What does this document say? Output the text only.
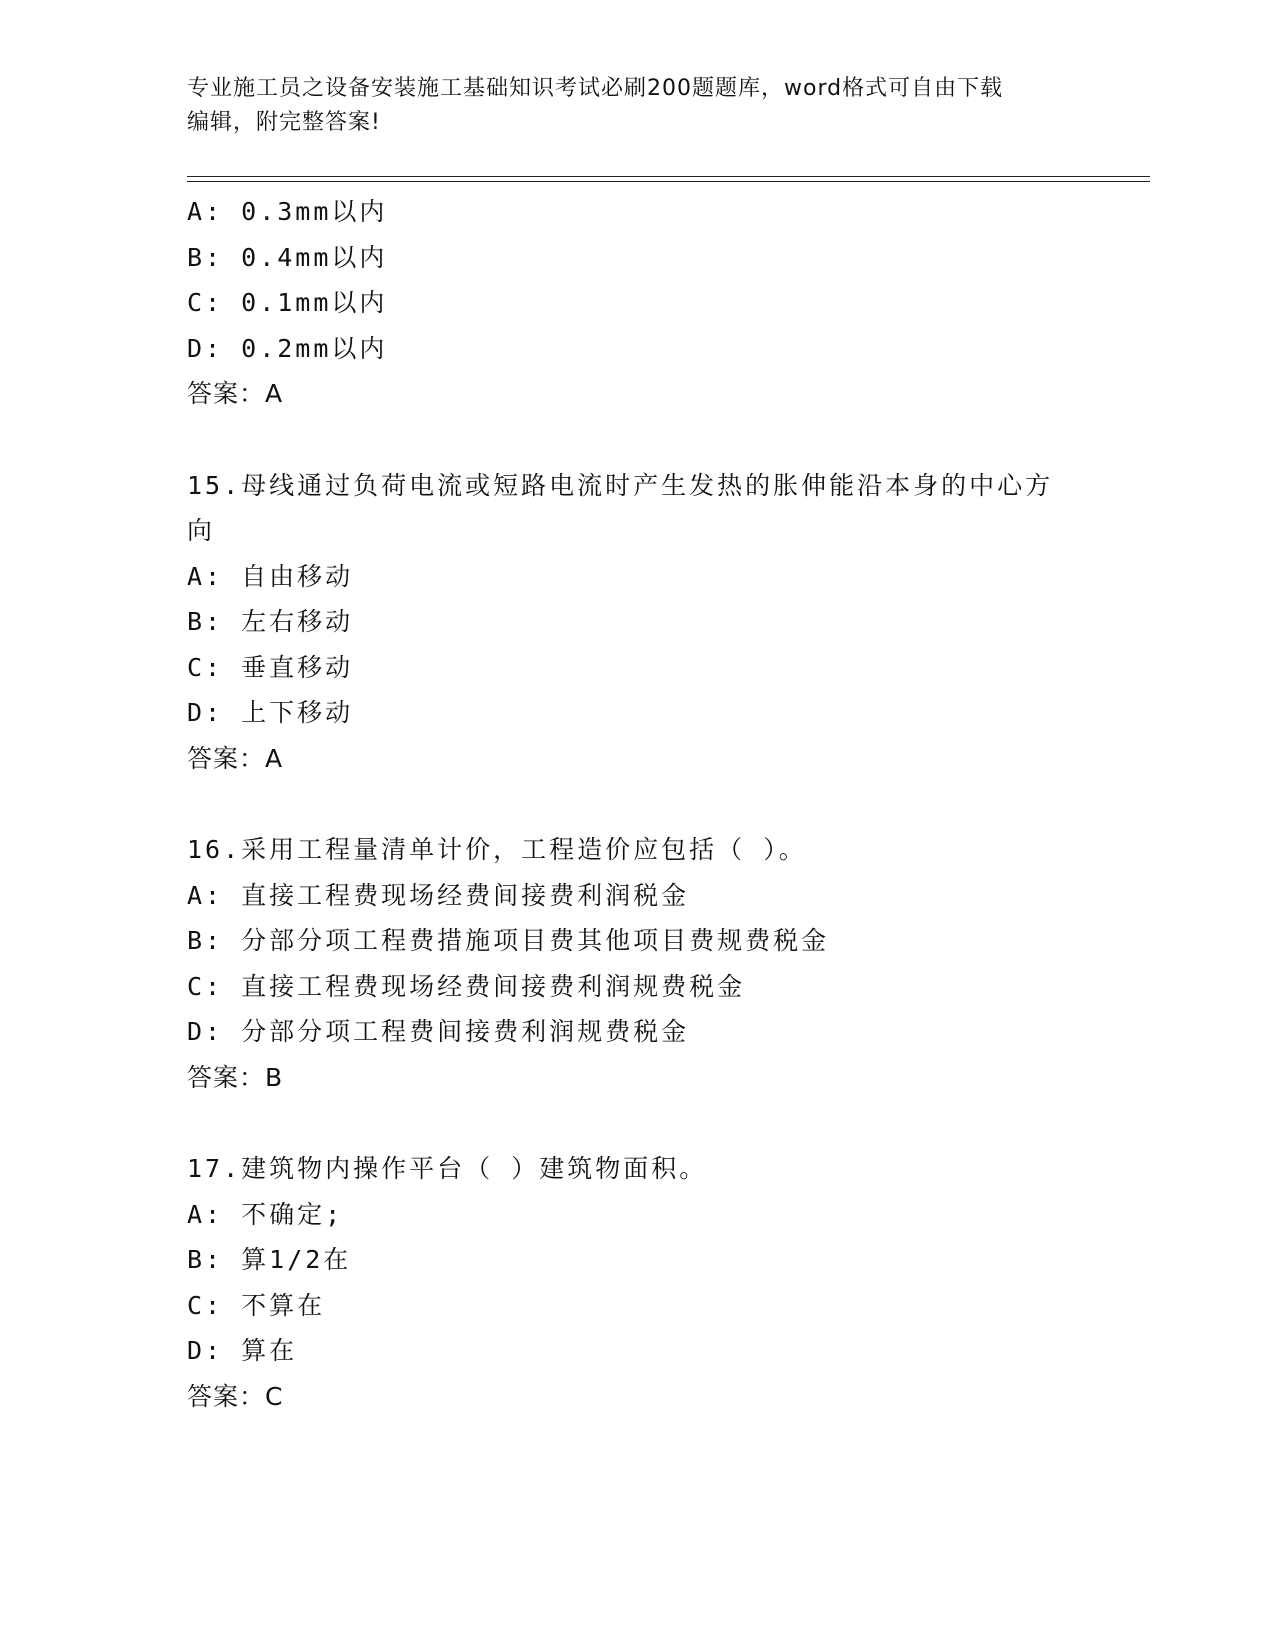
专业施工员之设备安装施工基础知识考试必刷200题题库，word格式可自由下载
编辑，附完整答案!
A: 0.3mm以内
B: 0.4mm以内
C: 0.1mm以内
D: 0.2mm以内
答案：A
15.母线通过负荷电流或短路电流时产生发热的胀伸能沿本身的中心方
向
A: 自由移动
B: 左右移动
C: 垂直移动
D: 上下移动
答案：A
16.采用工程量清单计价，工程造价应包括（ ）。
A: 直接工程费现场经费间接费利润税金
B: 分部分项工程费措施项目费其他项目费规费税金
C: 直接工程费现场经费间接费利润规费税金
D: 分部分项工程费间接费利润规费税金
答案：B
17.建筑物内操作平台（ ）建筑物面积。
A: 不确定;
B: 算1/2在
C: 不算在
D: 算在
答案：C
